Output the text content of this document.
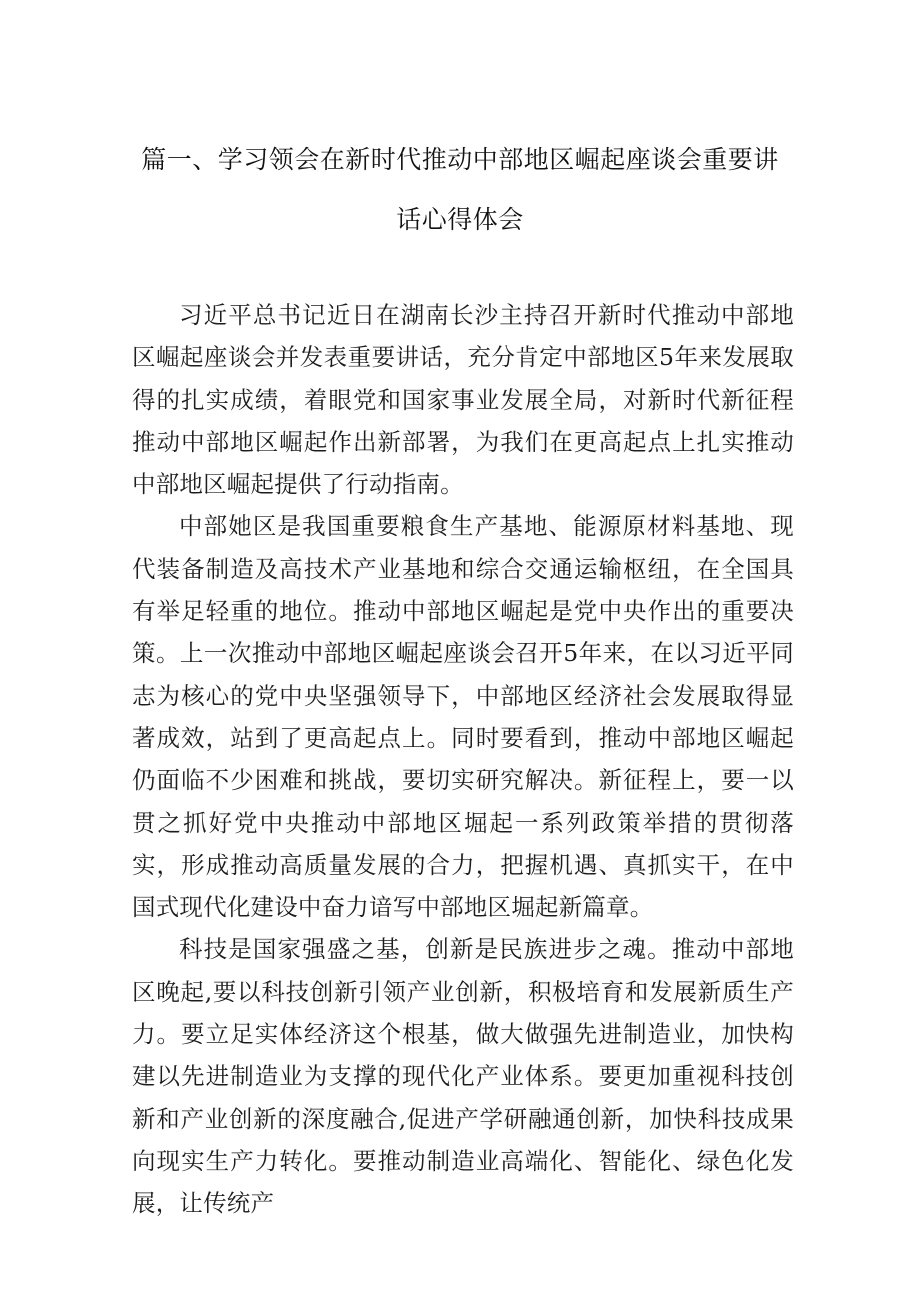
篇一、学习领会在新时代推动中部地区崛起座谈会重要讲
话心得体会

习近平总书记近日在湖南长沙主持召开新时代推动中部地区崛起座谈会并发表重要讲话，充分肯定中部地区5年来发展取得的扎实成绩，着眼党和国家事业发展全局，对新时代新征程推动中部地区崛起作出新部署，为我们在更高起点上扎实推动中部地区崛起提供了行动指南。

中部她区是我国重要粮食生产基地、能源原材料基地、现代装备制造及高技术产业基地和综合交通运输枢纽，在全国具有举足轻重的地位。推动中部地区崛起是党中央作出的重要决策。上一次推动中部地区崛起座谈会召开5年来，在以习近平同志为核心的党中央坚强领导下，中部地区经济社会发展取得显著成效，站到了更高起点上。同时要看到，推动中部地区崛起仍面临不少困难和挑战，要切实研究解决。新征程上，要一以贯之抓好党中央推动中部地区堀起一系列政策举措的贯彻落实，形成推动高质量发展的合力，把握机遇、真抓实干，在中国式现代化建设中奋力谙写中部地区堀起新篇章。

科技是国家强盛之基，创新是民族进步之魂。推动中部地区晚起,要以科技创新引领产业创新，积极培育和发展新质生产力。要立足实体经济这个根基，做大做强先进制造业，加快构建以先进制造业为支撑的现代化产业体系。要更加重视科技创新和产业创新的深度融合,促进产学研融通创新，加快科技成果向现实生产力转化。要推动制造业高端化、智能化、绿色化发展，让传统产
